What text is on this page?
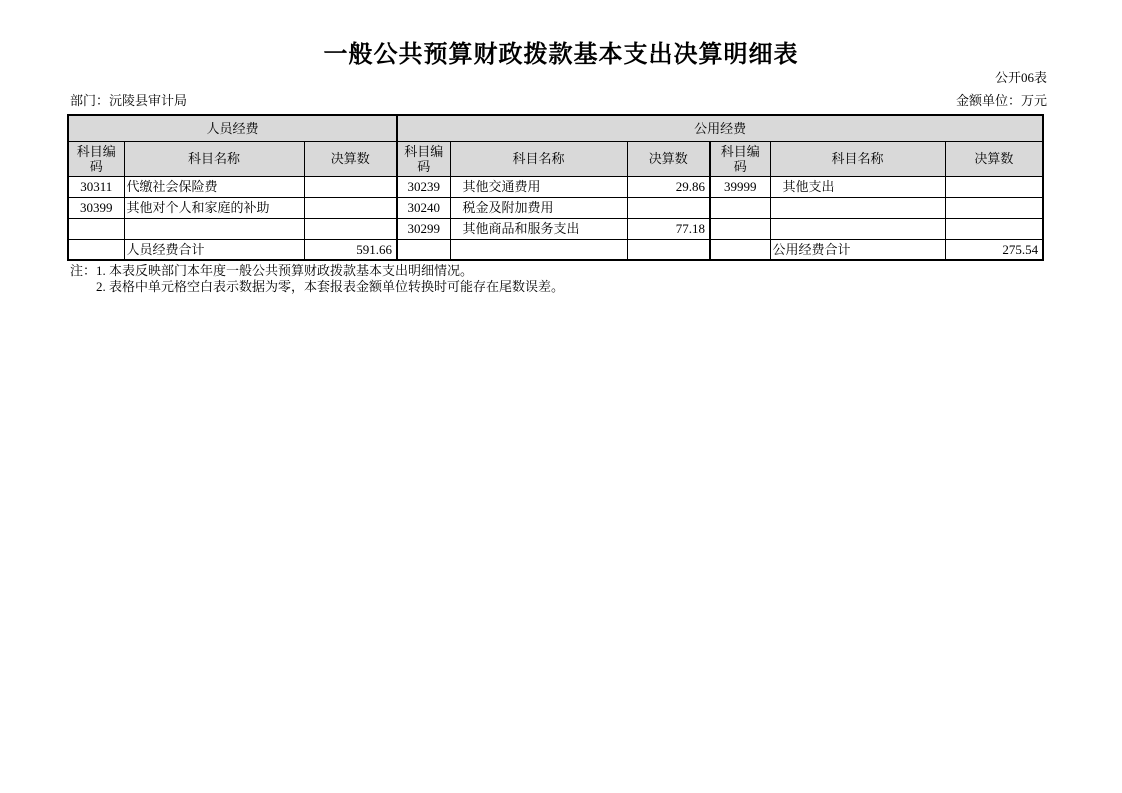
一般公共预算财政拨款基本支出决算明细表
公开06表
部门：沅陵县审计局	金额单位：万元
人员经费			公用经费					
科目编码	科目名称	决算数	科目编码	科目名称	决算数	科目编码	科目名称	决算数
30311	代缴社会保险费		30239	其他交通费用	29.86	39999	其他支出	
30399	其他对个人和家庭的补助		30240	税金及附加费用				
			30299	其他商品和服务支出	77.18			
	人员经费合计	591.66					公用经费合计	275.54
注：1. 本表反映部门本年度一般公共预算财政拨款基本支出明细情况。
2. 表格中单元格空白表示数据为零，本套报表金额单位转换时可能存在尾数误差。
